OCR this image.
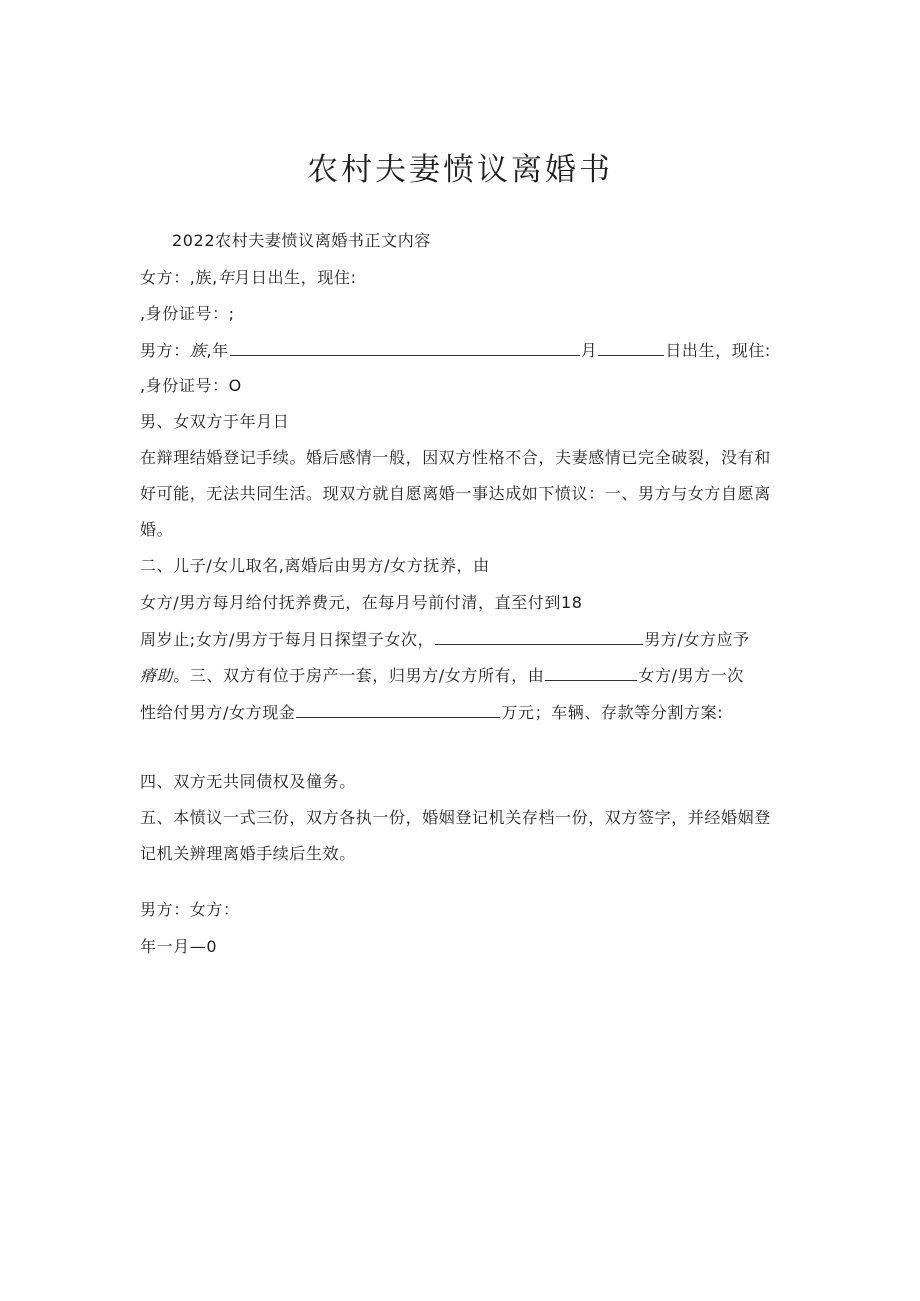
农村夫妻愤议离婚书
2022农村夫妻愤议离婚书正文内容
女方：,族,年月日出生，现住:
,身份证号：;
男方：族,年	月	日出生，现住:
,身份证号：O
男、女双方于年月日
在辩理结婚登记手续。婚后感情一般，因双方性格不合，夫妻感情已完全破裂，没有和
好可能，无法共同生活。现双方就自愿离婚一事达成如下愤议：一、男方与女方自愿离
婚。
二、儿子/女儿取名,离婚后由男方/女方抚养，由
女方/男方每月给付抚养费元，在每月号前付清，直至付到18
周岁止;女方/男方于每月日探望子女次，	男方/女方应予
瘠助。三、双方有位于房产一套，归男方/女方所有，由	女方/男方一次
性给付男方/女方现金	万元；车辆、存款等分割方案:
四、双方无共同债权及僮务。
五、本愤议一式三份，双方各执一份，婚姻登记机关存档一份，双方签字，并经婚姻登
记机关辨理离婚手续后生效。
男方：女方：
年一月—0
